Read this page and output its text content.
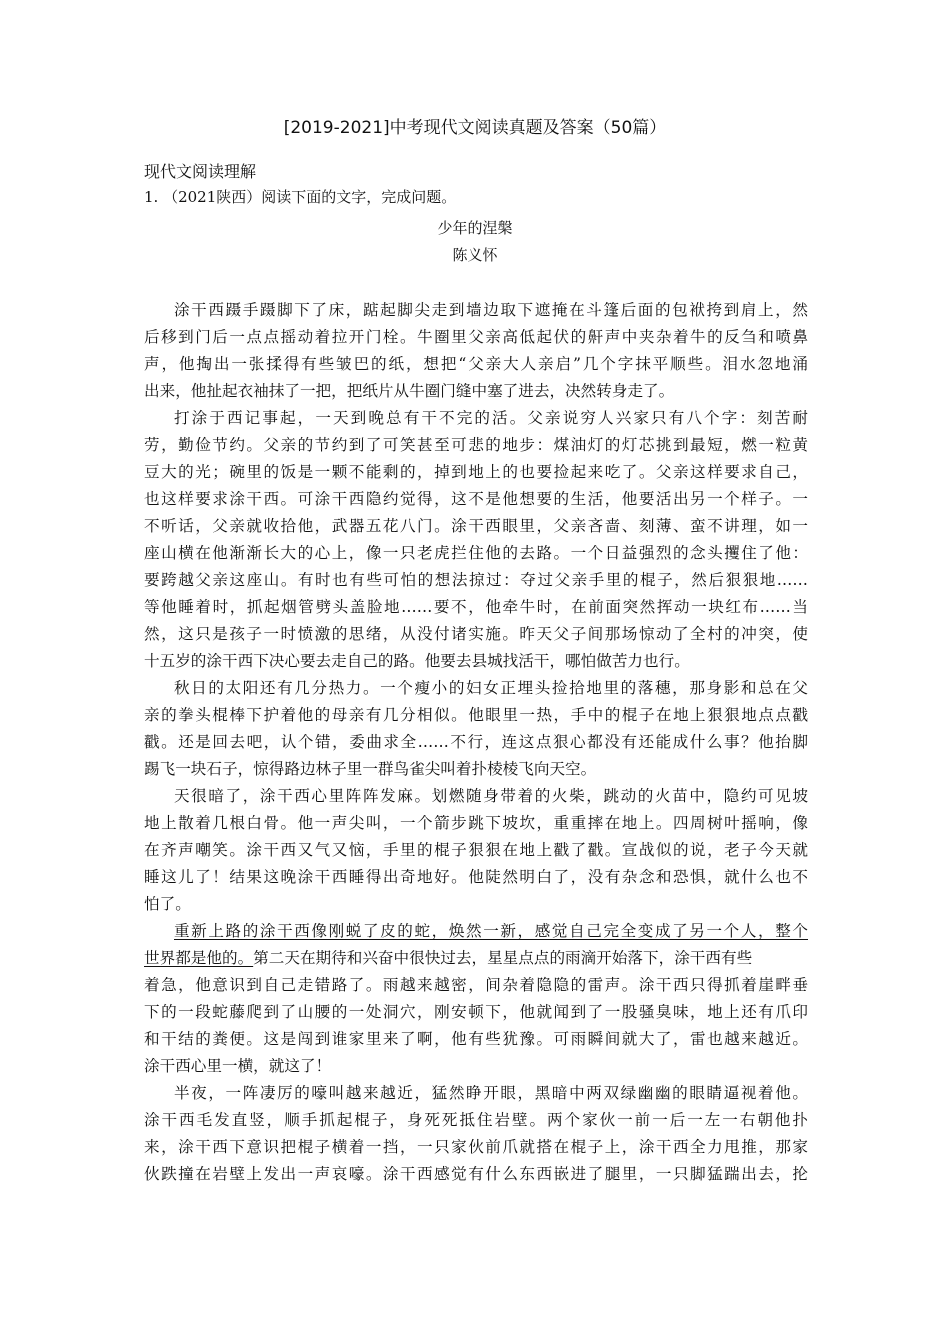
[2019-2021]中考现代文阅读真题及答案（50篇）
现代文阅读理解
1. （2021陕西）阅读下面的文字，完成问题。
少年的涅槃
陈义怀
涂干西蹑手蹑脚下了床，踮起脚尖走到墙边取下遮掩在斗篷后面的包袱挎到肩上，然
后移到门后一点点摇动着拉开门栓。牛圈里父亲高低起伏的鼾声中夹杂着牛的反刍和喷鼻
声，他掏出一张揉得有些皱巴的纸，想把“父亲大人亲启”几个字抹平顺些。泪水忽地涌
出来，他扯起衣袖抹了一把，把纸片从牛圈门缝中塞了进去，决然转身走了。
打涂于西记事起，一天到晚总有干不完的活。父亲说穷人兴家只有八个字：刻苦耐
劳，勤俭节约。父亲的节约到了可笑甚至可悲的地步：煤油灯的灯芯挑到最短，燃一粒黄
豆大的光；碗里的饭是一颗不能剩的，掉到地上的也要捡起来吃了。父亲这样要求自己，
也这样要求涂干西。可涂干西隐约觉得，这不是他想要的生活，他要活出另一个样子。一
不听话，父亲就收拾他，武器五花八门。涂干西眼里，父亲吝啬、刻薄、蛮不讲理，如一
座山横在他渐渐长大的心上，像一只老虎拦住他的去路。一个日益强烈的念头攫住了他：
要跨越父亲这座山。有时也有些可怕的想法掠过：夺过父亲手里的棍子，然后狠狠地……
等他睡着时，抓起烟管劈头盖脸地……要不，他牵牛时，在前面突然挥动一块红布……当
然，这只是孩子一时愤激的思绪，从没付诸实施。昨天父子间那场惊动了全村的冲突，使
十五岁的涂干西下决心要去走自己的路。他要去县城找活干，哪怕做苦力也行。
秋日的太阳还有几分热力。一个瘦小的妇女正埋头捡拾地里的落穗，那身影和总在父
亲的拳头棍棒下护着他的母亲有几分相似。他眼里一热，手中的棍子在地上狠狠地点点戳
戳。还是回去吧，认个错，委曲求全……不行，连这点狠心都没有还能成什么事？他抬脚
踢飞一块石子，惊得路边林子里一群鸟雀尖叫着扑棱棱飞向天空。
天很暗了，涂干西心里阵阵发麻。划燃随身带着的火柴，跳动的火苗中，隐约可见坡
地上散着几根白骨。他一声尖叫，一个箭步跳下坡坎，重重摔在地上。四周树叶摇响，像
在齐声嘲笑。涂干西又气又恼，手里的棍子狠狠在地上戳了戳。宣战似的说，老子今天就
睡这儿了！结果这晚涂干西睡得出奇地好。他陡然明白了，没有杂念和恐惧，就什么也不
怕了。
重新上路的涂干西像刚蜕了皮的蛇，焕然一新，感觉自己完全变成了另一个人，整个
世界都是他的。第二天在期待和兴奋中很快过去，星星点点的雨滴开始落下，涂干西有些
着急，他意识到自己走错路了。雨越来越密，间杂着隐隐的雷声。涂干西只得抓着崖畔垂
下的一段蛇藤爬到了山腰的一处洞穴，刚安顿下，他就闻到了一股骚臭味，地上还有爪印
和干结的粪便。这是闯到谁家里来了啊，他有些犹豫。可雨瞬间就大了，雷也越来越近。
涂干西心里一横，就这了！
半夜，一阵凄厉的嚎叫越来越近，猛然睁开眼，黑暗中两双绿幽幽的眼睛逼视着他。
涂干西毛发直竖，顺手抓起棍子，身死死抵住岩壁。两个家伙一前一后一左一右朝他扑
来，涂干西下意识把棍子横着一挡，一只家伙前爪就搭在棍子上，涂干西全力甩推，那家
伙跌撞在岩壁上发出一声哀嚎。涂干西感觉有什么东西嵌进了腿里，一只脚猛踹出去，抡
